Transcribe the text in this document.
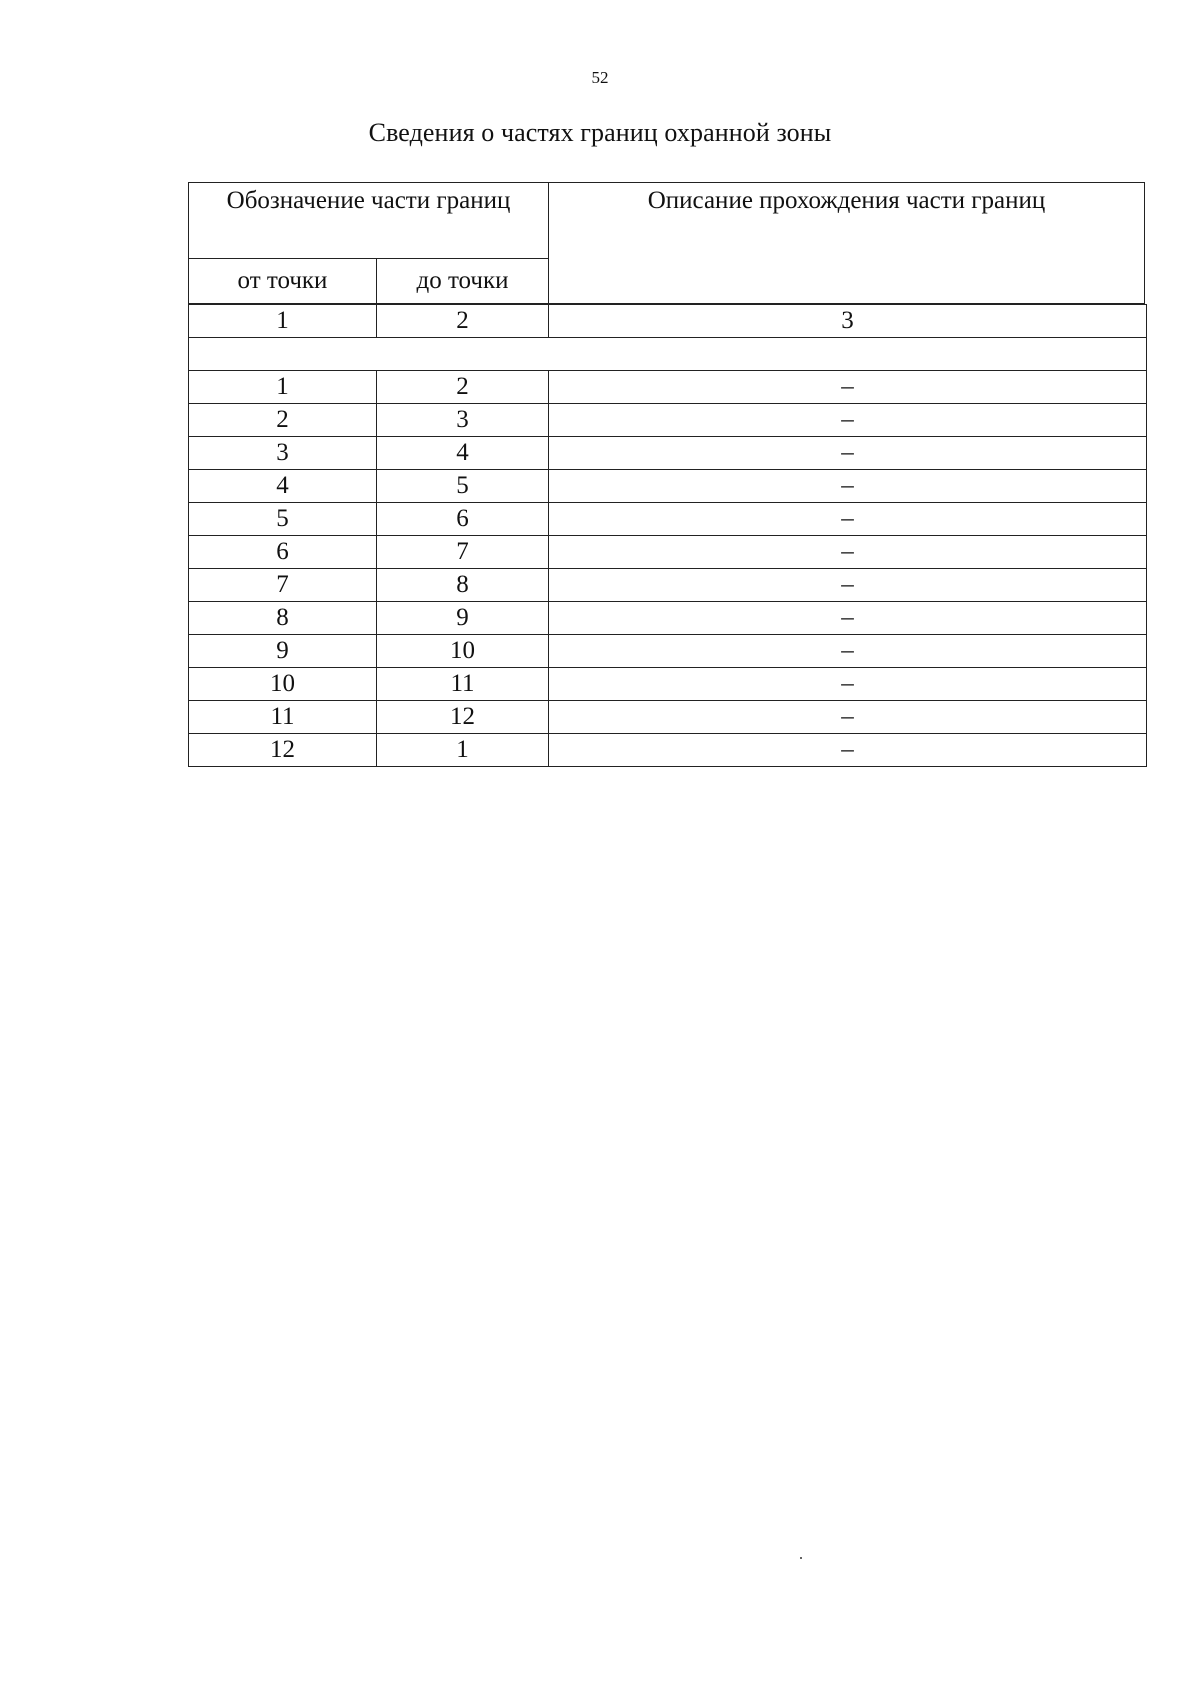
52
Сведения о частях границ охранной зоны
Обозначение части границ		Описание прохождения части границ
от точки	до точки	
1	2	3

1	2	–
2	3	–
3	4	–
4	5	–
5	6	–
6	7	–
7	8	–
8	9	–
9	10	–
10	11	–
11	12	–
12	1	–
